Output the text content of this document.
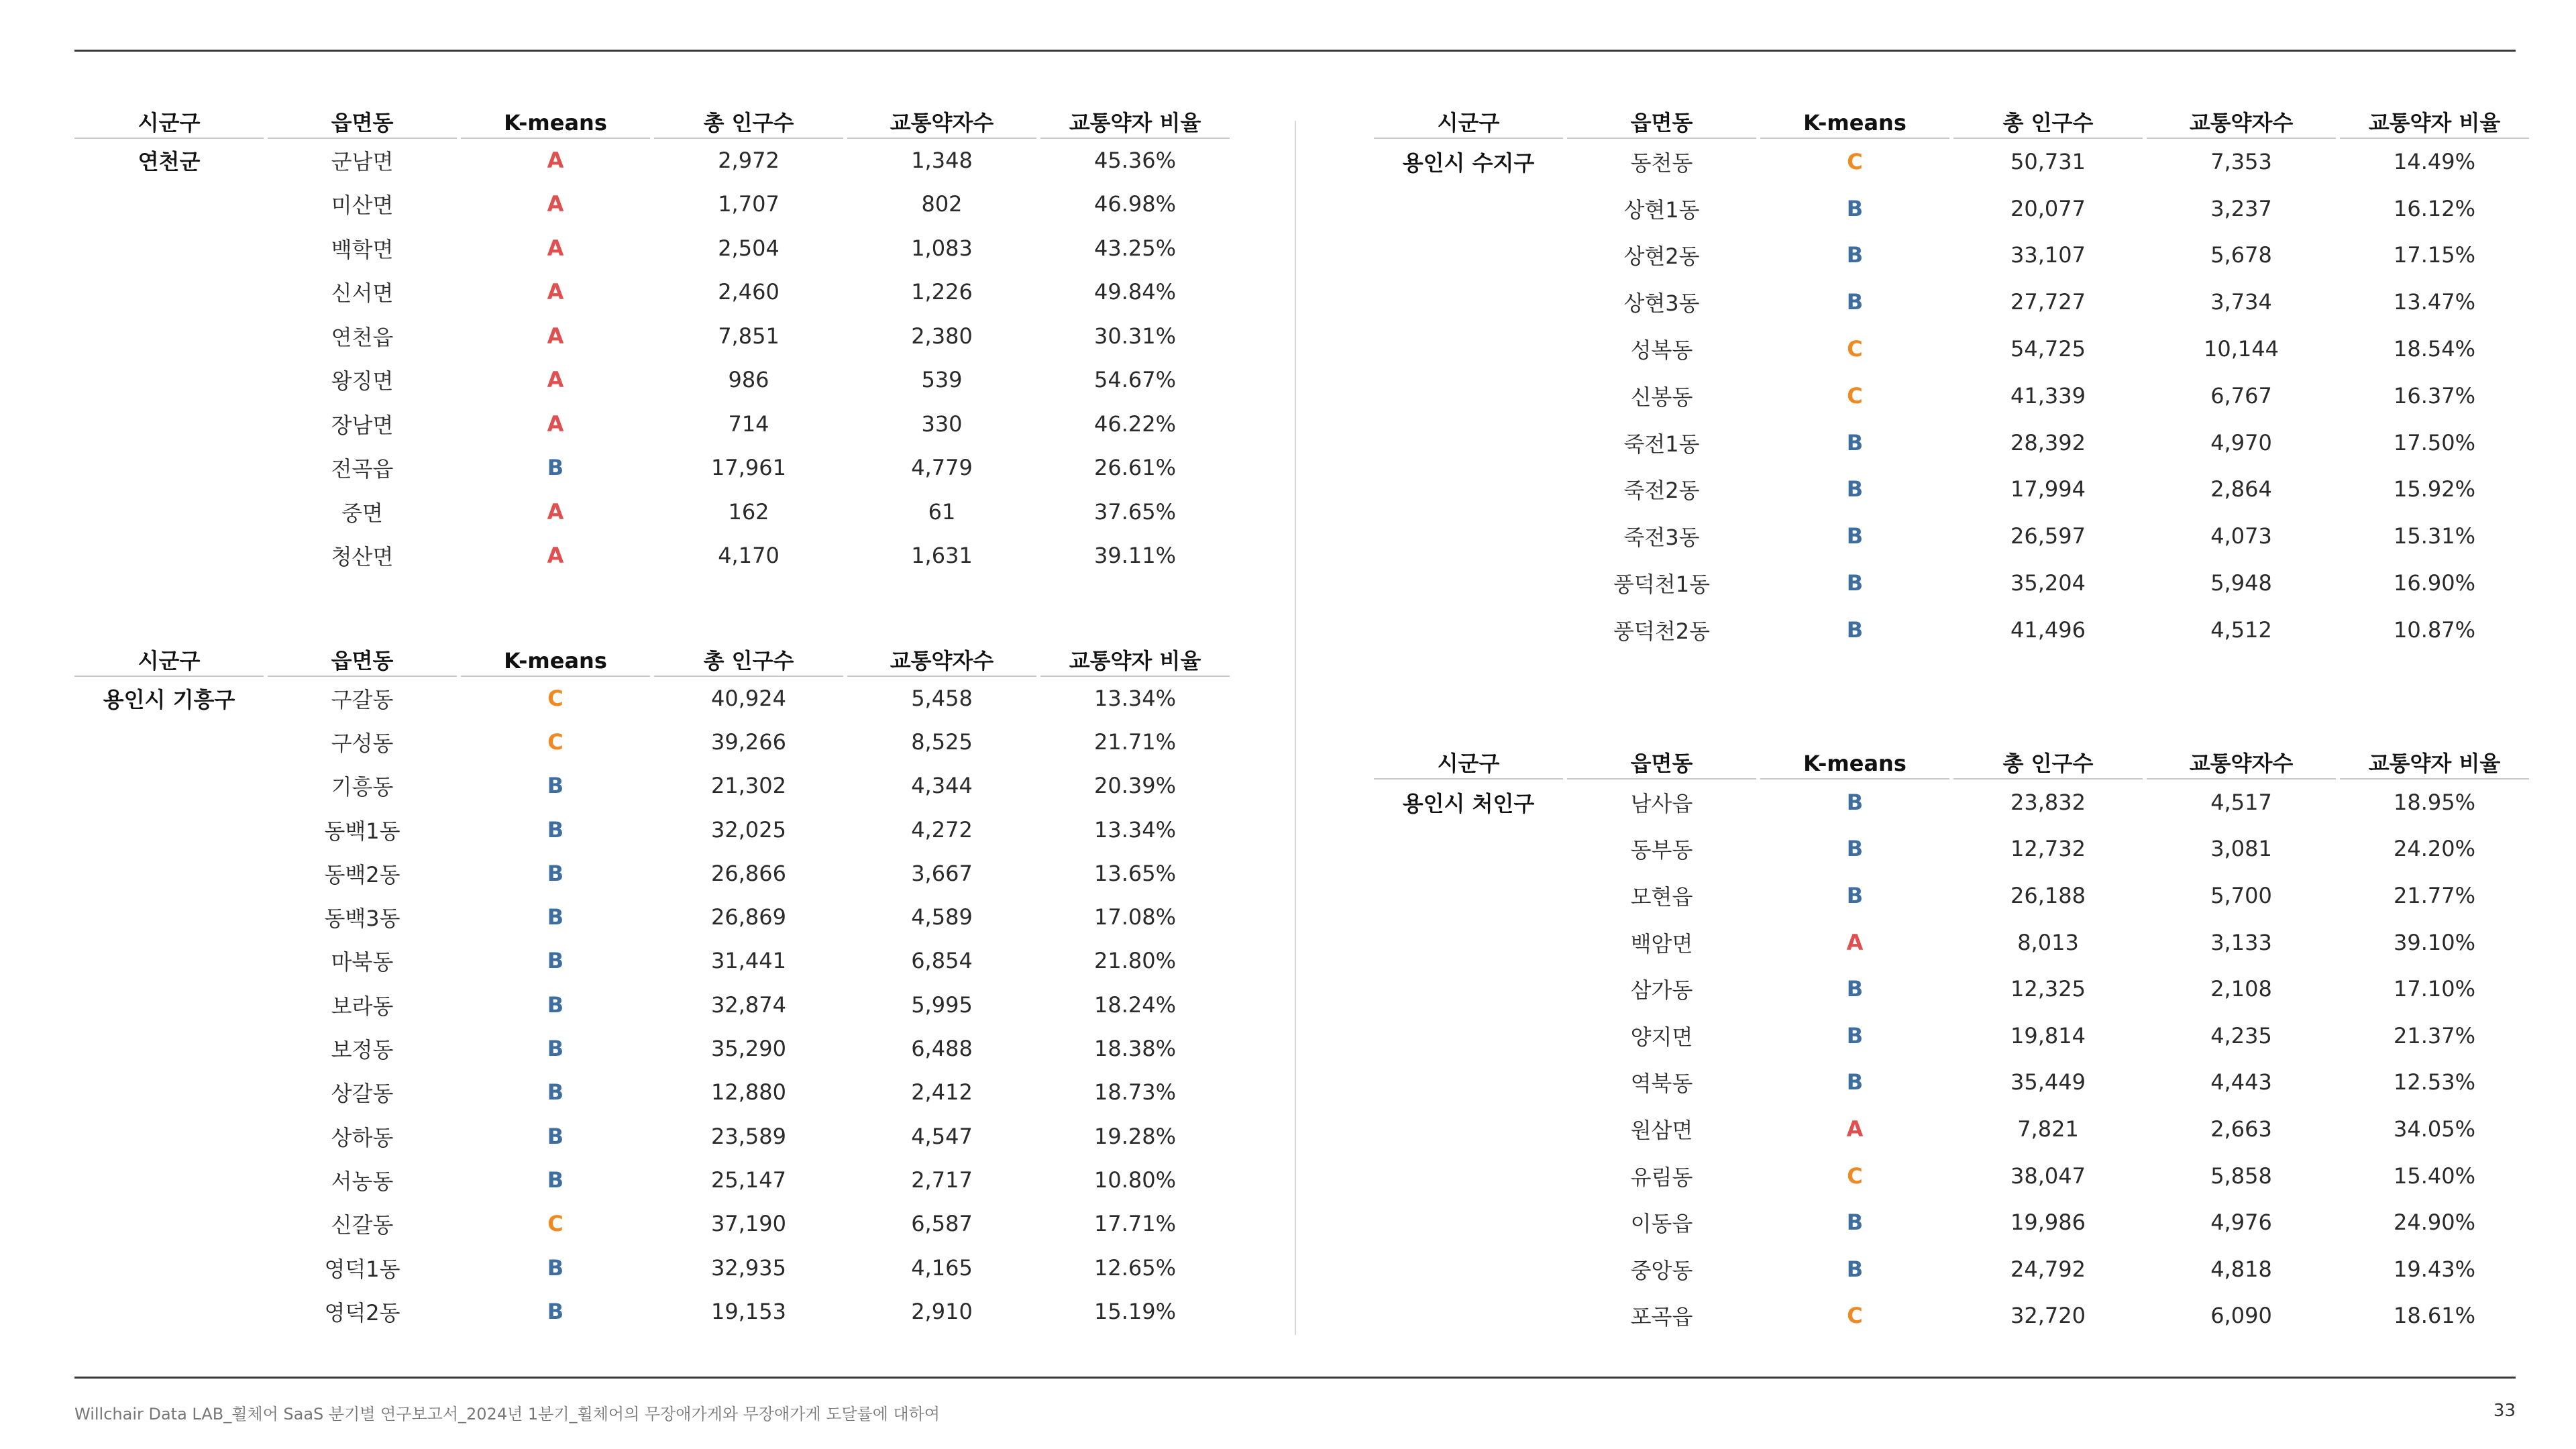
시군구	읍면동	K-means	총 인구수	교통약자수	교통약자 비율
연천군	군남면	A	2,972	1,348	45.36%
미산면	A	1,707	802	46.98%
백학면	A	2,504	1,083	43.25%
신서면	A	2,460	1,226	49.84%
연천읍	A	7,851	2,380	30.31%
왕징면	A	986	539	54.67%
장남면	A	714	330	46.22%
전곡읍	B	17,961	4,779	26.61%
중면	A	162	61	37.65%
청산면	A	4,170	1,631	39.11%
시군구	읍면동	K-means	총 인구수	교통약자수	교통약자 비율
용인시 기흥구	구갈동	C	40,924	5,458	13.34%
구성동	C	39,266	8,525	21.71%
기흥동	B	21,302	4,344	20.39%
동백1동	B	32,025	4,272	13.34%
동백2동	B	26,866	3,667	13.65%
동백3동	B	26,869	4,589	17.08%
마북동	B	31,441	6,854	21.80%
보라동	B	32,874	5,995	18.24%
보정동	B	35,290	6,488	18.38%
상갈동	B	12,880	2,412	18.73%
상하동	B	23,589	4,547	19.28%
서농동	B	25,147	2,717	10.80%
신갈동	C	37,190	6,587	17.71%
영덕1동	B	32,935	4,165	12.65%
영덕2동	B	19,153	2,910	15.19%
시군구	읍면동	K-means	총 인구수	교통약자수	교통약자 비율
용인시 수지구	동천동	C	50,731	7,353	14.49%
상현1동	B	20,077	3,237	16.12%
상현2동	B	33,107	5,678	17.15%
상현3동	B	27,727	3,734	13.47%
성복동	C	54,725	10,144	18.54%
신봉동	C	41,339	6,767	16.37%
죽전1동	B	28,392	4,970	17.50%
죽전2동	B	17,994	2,864	15.92%
죽전3동	B	26,597	4,073	15.31%
풍덕천1동	B	35,204	5,948	16.90%
풍덕천2동	B	41,496	4,512	10.87%
시군구	읍면동	K-means	총 인구수	교통약자수	교통약자 비율
용인시 처인구	남사읍	B	23,832	4,517	18.95%
동부동	B	12,732	3,081	24.20%
모현읍	B	26,188	5,700	21.77%
백암면	A	8,013	3,133	39.10%
삼가동	B	12,325	2,108	17.10%
양지면	B	19,814	4,235	21.37%
역북동	B	35,449	4,443	12.53%
원삼면	A	7,821	2,663	34.05%
유림동	C	38,047	5,858	15.40%
이동읍	B	19,986	4,976	24.90%
중앙동	B	24,792	4,818	19.43%
포곡읍	C	32,720	6,090	18.61%
Willchair Data LAB_휠체어 SaaS 분기별 연구보고서_2024년 1분기_휠체어의 무장애가게와 무장애가게 도달률에 대하여	33
